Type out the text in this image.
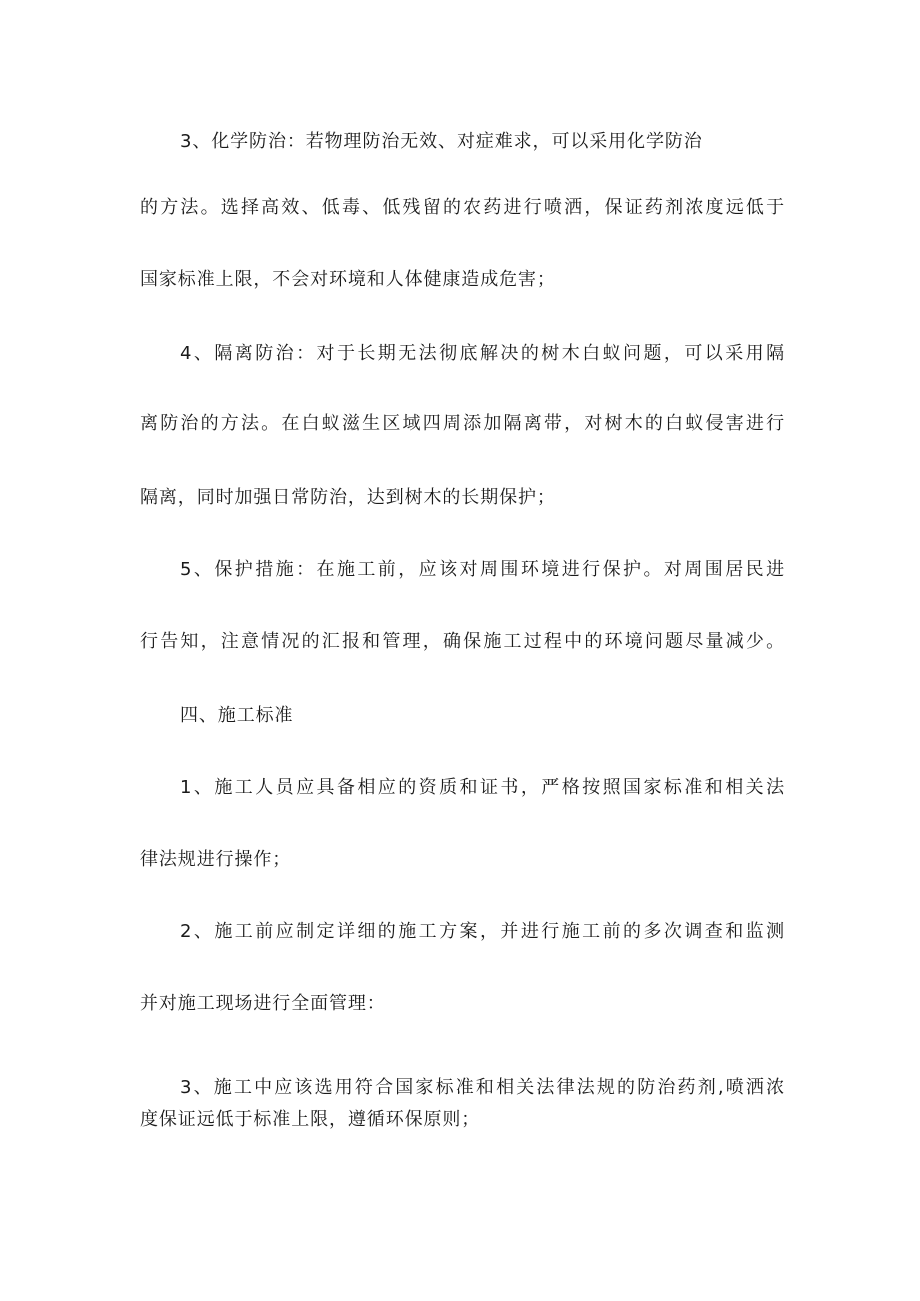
3、化学防治：若物理防治无效、对症难求，可以采用化学防治
的方法。选择高效、低毒、低残留的农药进行喷洒，保证药剂浓度远低于
国家标准上限，不会对环境和人体健康造成危害；
4、隔离防治：对于长期无法彻底解决的树木白蚁问题，可以采用隔
离防治的方法。在白蚁滋生区域四周添加隔离带，对树木的白蚁侵害进行
隔离，同时加强日常防治，达到树木的长期保护；
5、保护措施：在施工前，应该对周围环境进行保护。对周围居民进
行告知，注意情况的汇报和管理，确保施工过程中的环境问题尽量减少。
四、施工标准
1、施工人员应具备相应的资质和证书，严格按照国家标准和相关法
律法规进行操作；
2、施工前应制定详细的施工方案，并进行施工前的多次调查和监测
并对施工现场进行全面管理：
3、施工中应该选用符合国家标准和相关法律法规的防治药剂,喷洒浓
度保证远低于标准上限，遵循环保原则；
